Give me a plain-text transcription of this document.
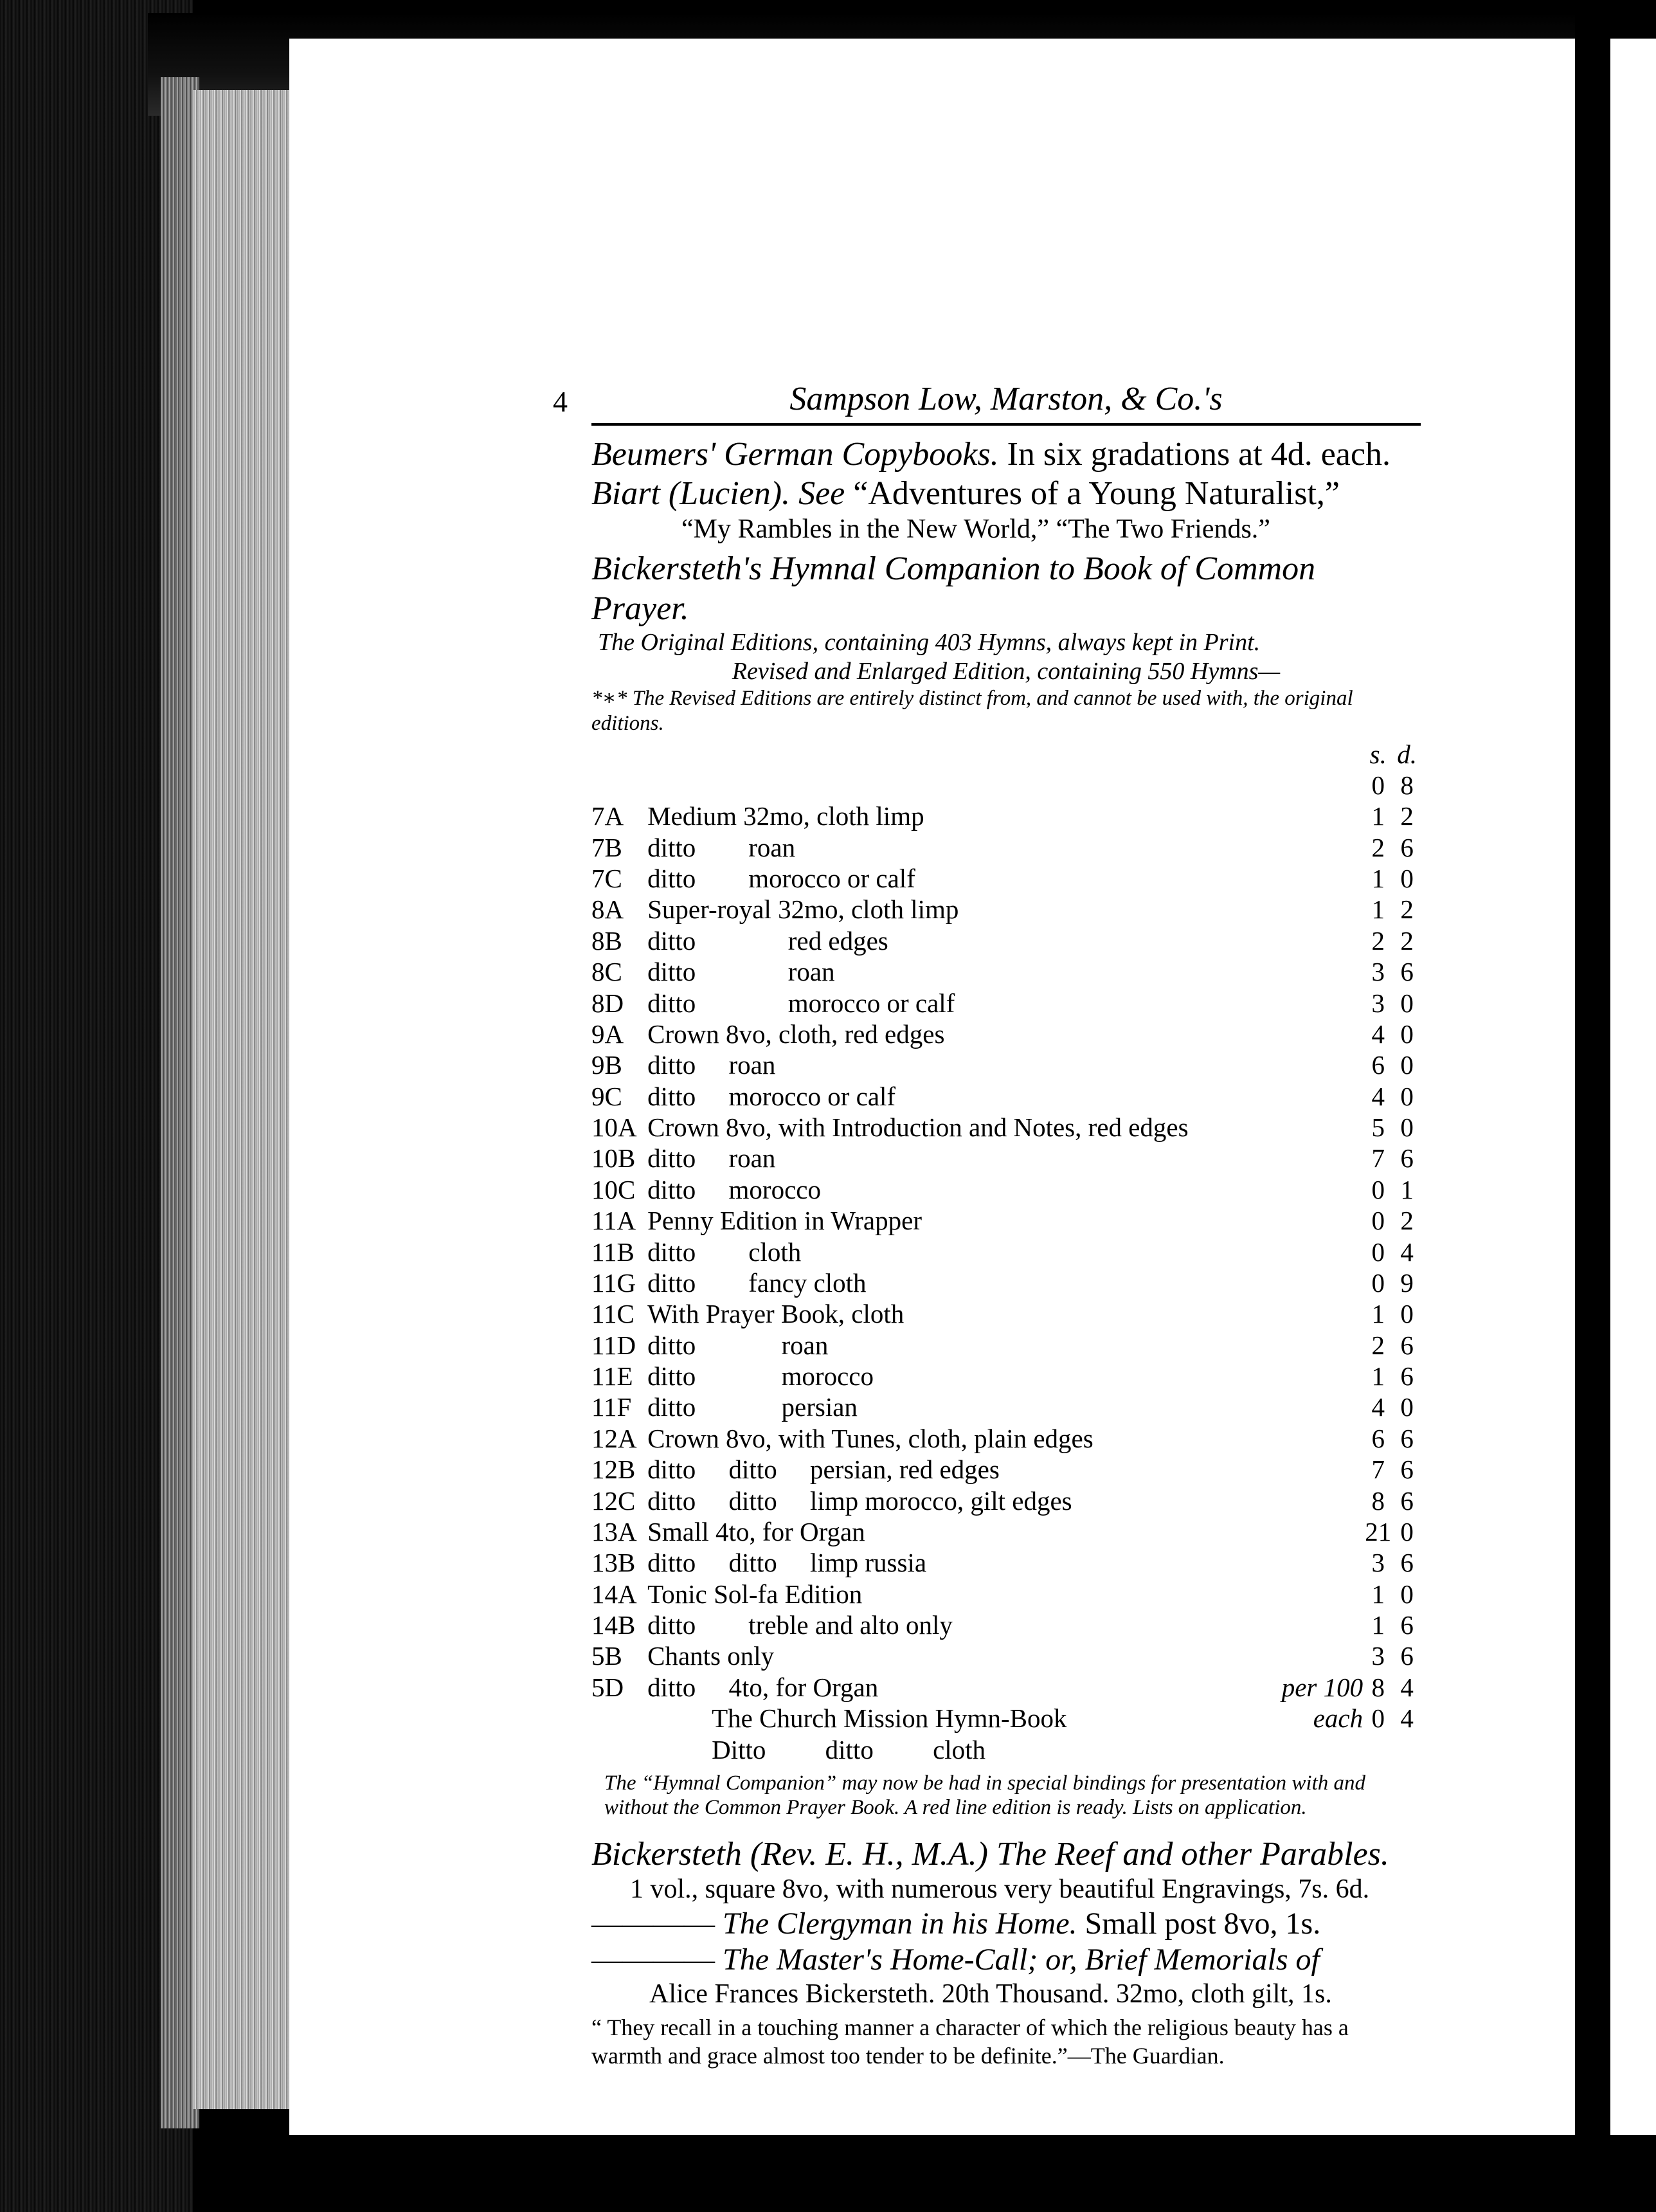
4	Sampson Low, Marston, & Co.'s

Beumers' German Copybooks. In six gradations at 4d. each.

Biart (Lucien). See “Adventures of a Young Naturalist,”

“My Rambles in the New World,” “The Two Friends.”

Bickersteth's Hymnal Companion to Book of Common Prayer.

The Original Editions, containing 403 Hymns, always kept in Print.

Revised and Enlarged Edition, containing 550 Hymns—

*∗* The Revised Editions are entirely distinct from, and cannot be used with, the original editions.

				s.	d.
				0	8
7A	Medium 32mo, cloth limp			1	2
7B	ditto        roan			2	6
7C	ditto        morocco or calf			1	0
8A	Super-royal 32mo, cloth limp			1	2
8B	ditto              red edges			2	2
8C	ditto              roan			3	6
8D	ditto              morocco or calf			3	0
9A	Crown 8vo, cloth, red edges			4	0
9B	ditto     roan			6	0
9C	ditto     morocco or calf			4	0
10A	Crown 8vo, with Introduction and Notes, red edges			5	0
10B	ditto     roan			7	6
10C	ditto     morocco			0	1
11A	Penny Edition in Wrapper			0	2
11B	ditto        cloth			0	4
11G	ditto        fancy cloth			0	9
11C	With Prayer Book, cloth			1	0
11D	ditto             roan			2	6
11E	ditto             morocco			1	6
11F	ditto             persian			4	0
12A	Crown 8vo, with Tunes, cloth, plain edges			6	6
12B	ditto     ditto     persian, red edges			7	6
12C	ditto     ditto     limp morocco, gilt edges			8	6
13A	Small 4to, for Organ			21	0
13B	ditto     ditto     limp russia			3	6
14A	Tonic Sol-fa Edition			1	0
14B	ditto        treble and alto only			1	6
5B	Chants only			3	6
5D	ditto     4to, for Organ		per 100	8	4
	The Church Mission Hymn-Book		each	0	4
	Ditto         ditto         cloth				

The “Hymnal Companion” may now be had in special bindings for presentation with and without the Common Prayer Book. A red line edition is ready. Lists on application.

Bickersteth (Rev. E. H., M.A.) The Reef and other Parables.

1 vol., square 8vo, with numerous very beautiful Engravings, 7s. 6d.

———— The Clergyman in his Home. Small post 8vo, 1s.

———— The Master's Home-Call; or, Brief Memorials of

Alice Frances Bickersteth. 20th Thousand. 32mo, cloth gilt, 1s.

“ They recall in a touching manner a character of which the religious beauty has a warmth and grace almost too tender to be definite.”—The Guardian.
